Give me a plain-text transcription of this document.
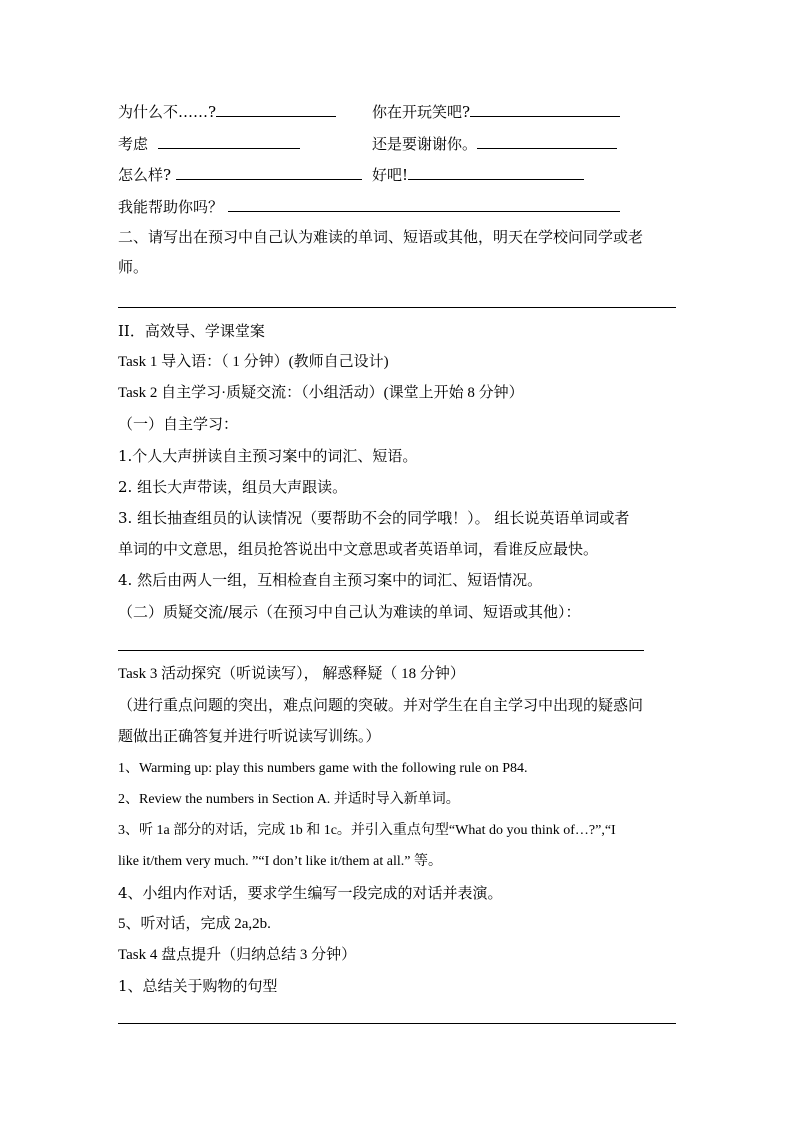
为什么不……?	你在开玩笑吧?
考虑	还是要谢谢你。
怎么样?	好吧!
我能帮助你吗？
二、请写出在预习中自己认为难读的单词、短语或其他，明天在学校问同学或老
师。
II．高效导、学课堂案
Task 1 导入语：（ 1 分钟）(教师自己设计)
Task 2 自主学习·质疑交流：（小组活动）(课堂上开始 8 分钟）
（一）自主学习：
1.个人大声拼读自主预习案中的词汇、短语。
2. 组长大声带读，组员大声跟读。
3. 组长抽查组员的认读情况（要帮助不会的同学哦！）。 组长说英语单词或者
单词的中文意思，组员抢答说出中文意思或者英语单词，看谁反应最快。
4. 然后由两人一组，互相检查自主预习案中的词汇、短语情况。
（二）质疑交流/展示（在预习中自己认为难读的单词、短语或其他）：
Task 3 活动探究（听说读写）， 解惑释疑（ 18 分钟）
（进行重点问题的突出，难点问题的突破。并对学生在自主学习中出现的疑惑问
题做出正确答复并进行听说读写训练。）
1、Warming up: play this numbers game with the following rule on P84.
2、Review the numbers in Section A. 并适时导入新单词。
3、听 1a 部分的对话，完成 1b 和 1c。并引入重点句型“What do you think of…?”,“I
like it/them very much. ”“I don’t like it/them at all.” 等。
4、小组内作对话，要求学生编写一段完成的对话并表演。
5、听对话，完成 2a,2b.
Task 4 盘点提升（归纳总结 3 分钟）
1、总结关于购物的句型
